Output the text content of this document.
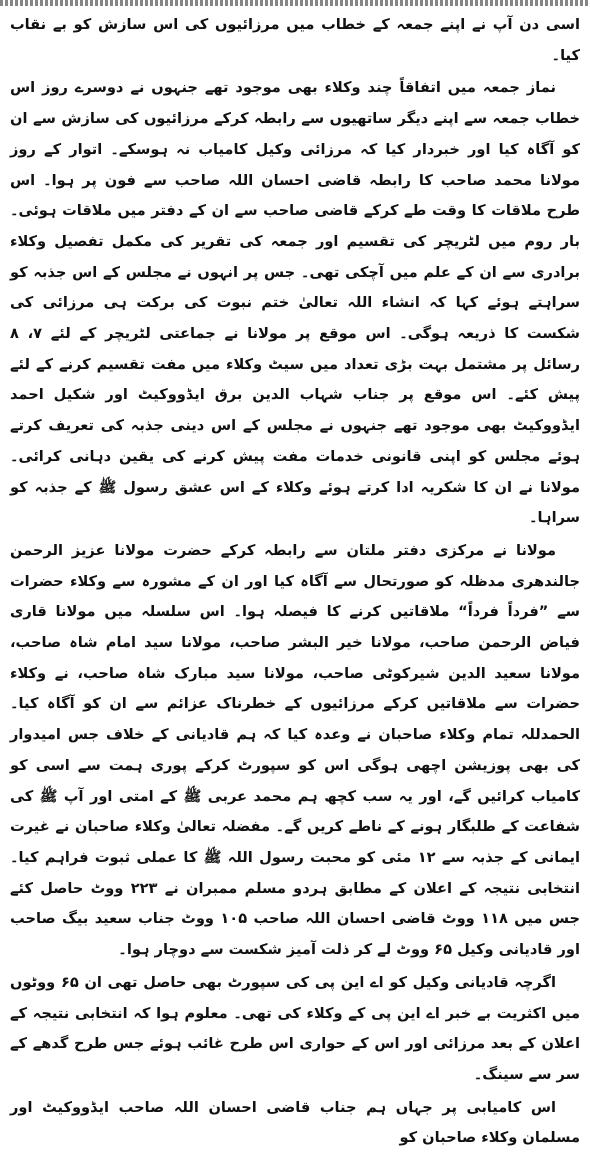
اسی دن آپ نے اپنے جمعہ کے خطاب میں مرزائیوں کی اس سازش کو بے نقاب کیا۔

نماز جمعہ میں اتفاقاً چند وکلاء بھی موجود تھے جنہوں نے دوسرے روز اس خطاب جمعہ سے اپنے دیگر ساتھیوں سے رابطہ کرکے مرزائیوں کی سازش سے ان کو آگاہ کیا اور خبردار کیا کہ مرزائی وکیل کامیاب نہ ہوسکے۔ اتوار کے روز مولانا محمد صاحب کا رابطہ قاضی احسان اللہ صاحب سے فون پر ہوا۔ اس طرح ملاقات کا وقت طے کرکے قاضی صاحب سے ان کے دفتر میں ملاقات ہوئی۔ بار روم میں لٹریچر کی تقسیم اور جمعہ کی تقریر کی مکمل تفصیل وکلاء برادری سے ان کے علم میں آچکی تھی۔ جس پر انہوں نے مجلس کے اس جذبہ کو سراہتے ہوئے کہا کہ انشاء اللہ تعالیٰ ختم نبوت کی برکت ہی مرزائی کی شکست کا ذریعہ ہوگی۔ اس موقع پر مولانا نے جماعتی لٹریچر کے لئے ۷، ۸ رسائل پر مشتمل بہت بڑی تعداد میں سیٹ وکلاء میں مفت تقسیم کرنے کے لئے پیش کئے۔ اس موقع پر جناب شہاب الدین برق ایڈووکیٹ اور شکیل احمد ایڈووکیٹ بھی موجود تھے جنہوں نے مجلس کے اس دینی جذبہ کی تعریف کرتے ہوئے مجلس کو اپنی قانونی خدمات مفت پیش کرنے کی یقین دہانی کرائی۔ مولانا نے ان کا شکریہ ادا کرتے ہوئے وکلاء کے اس عشق رسول ﷺ کے جذبہ کو سراہا۔

مولانا نے مرکزی دفتر ملتان سے رابطہ کرکے حضرت مولانا عزیز الرحمن جالندھری مدظلہ کو صورتحال سے آگاہ کیا اور ان کے مشورہ سے وکلاء حضرات سے ”فرداً فرداً“ ملاقاتیں کرنے کا فیصلہ ہوا۔ اس سلسلہ میں مولانا قاری فیاض الرحمن صاحب، مولانا خیر البشر صاحب، مولانا سید امام شاہ صاحب، مولانا سعید الدین شیرکوٹی صاحب، مولانا سید مبارک شاہ صاحب، نے وکلاء حضرات سے ملاقاتیں کرکے مرزائیوں کے خطرناک عزائم سے ان کو آگاہ کیا۔ الحمدللہ تمام وکلاء صاحبان نے وعدہ کیا کہ ہم قادیانی کے خلاف جس امیدوار کی بھی پوزیشن اچھی ہوگی اس کو سپورٹ کرکے پوری ہمت سے اسی کو کامیاب کرائیں گے، اور یہ سب کچھ ہم محمد عربی ﷺ کے امتی اور آپ ﷺ کی شفاعت کے طلبگار ہونے کے ناطے کریں گے۔ مفضلہ تعالیٰ وکلاء صاحبان نے غیرت ایمانی کے جذبہ سے ۱۲ مئی کو محبت رسول اللہ ﷺ کا عملی ثبوت فراہم کیا۔ انتخابی نتیجہ کے اعلان کے مطابق ہردو مسلم ممبران نے ۲۲۳ ووٹ حاصل کئے جس میں ۱۱۸ ووٹ قاضی احسان اللہ صاحب ۱۰۵ ووٹ جناب سعید بیگ صاحب اور قادیانی وکیل ۶۵ ووٹ لے کر ذلت آمیز شکست سے دوچار ہوا۔

اگرچہ قادیانی وکیل کو اے این پی کی سپورٹ بھی حاصل تھی ان ۶۵ ووٹوں میں اکثریت بے خبر اے این پی کے وکلاء کی تھی۔ معلوم ہوا کہ انتخابی نتیجہ کے اعلان کے بعد مرزائی اور اس کے حواری اس طرح غائب ہوئے جس طرح گدھے کے سر سے سینگ۔

اس کامیابی پر جہاں ہم جناب قاضی احسان اللہ صاحب ایڈووکیٹ اور مسلمان وکلاء صاحبان کو
